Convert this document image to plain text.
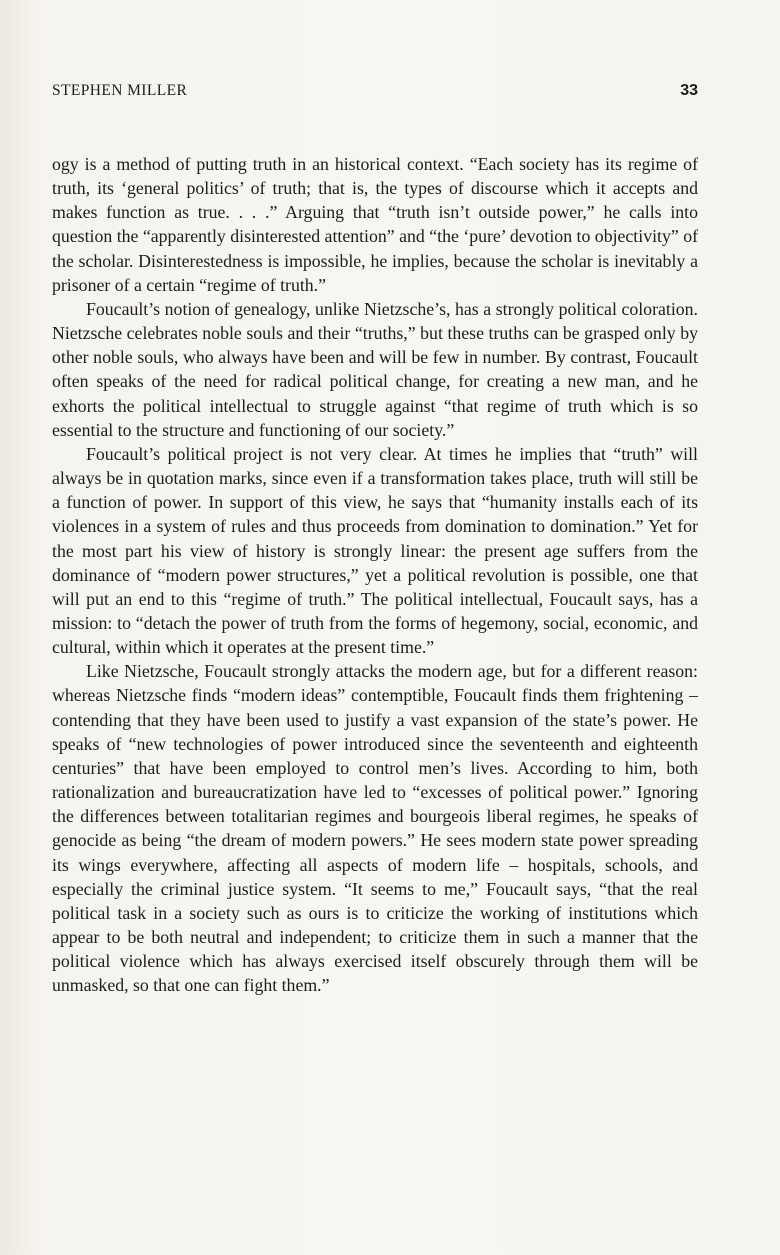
STEPHEN MILLER	33

ogy is a method of putting truth in an historical context. “Each society has its regime of truth, its ‘general politics’ of truth; that is, the types of discourse which it accepts and makes function as true. . . .” Arguing that “truth isn’t outside power,” he calls into question the “apparently disinterested attention” and “the ‘pure’ devotion to objectivity” of the scholar. Disinterestedness is impossible, he implies, because the scholar is inevitably a prisoner of a certain “regime of truth.”

Foucault’s notion of genealogy, unlike Nietzsche’s, has a strongly political coloration. Nietzsche celebrates noble souls and their “truths,” but these truths can be grasped only by other noble souls, who always have been and will be few in number. By contrast, Foucault often speaks of the need for radical political change, for creating a new man, and he exhorts the political intellectual to struggle against “that regime of truth which is so essential to the structure and functioning of our society.”

Foucault’s political project is not very clear. At times he implies that “truth” will always be in quotation marks, since even if a transformation takes place, truth will still be a function of power. In support of this view, he says that “humanity installs each of its violences in a system of rules and thus proceeds from domination to domination.” Yet for the most part his view of history is strongly linear: the present age suffers from the dominance of “modern power structures,” yet a political revolution is possible, one that will put an end to this “regime of truth.” The political intellectual, Foucault says, has a mission: to “detach the power of truth from the forms of hegemony, social, economic, and cultural, within which it operates at the present time.”

Like Nietzsche, Foucault strongly attacks the modern age, but for a different reason: whereas Nietzsche finds “modern ideas” contemptible, Foucault finds them frightening – contending that they have been used to justify a vast expansion of the state’s power. He speaks of “new technologies of power introduced since the seventeenth and eighteenth centuries” that have been employed to control men’s lives. According to him, both rationalization and bureaucratization have led to “excesses of political power.” Ignoring the differences between totalitarian regimes and bourgeois liberal regimes, he speaks of genocide as being “the dream of modern powers.” He sees modern state power spreading its wings everywhere, affecting all aspects of modern life – hospitals, schools, and especially the criminal justice system. “It seems to me,” Foucault says, “that the real political task in a society such as ours is to criticize the working of institutions which appear to be both neutral and independent; to criticize them in such a manner that the political violence which has always exercised itself obscurely through them will be unmasked, so that one can fight them.”
